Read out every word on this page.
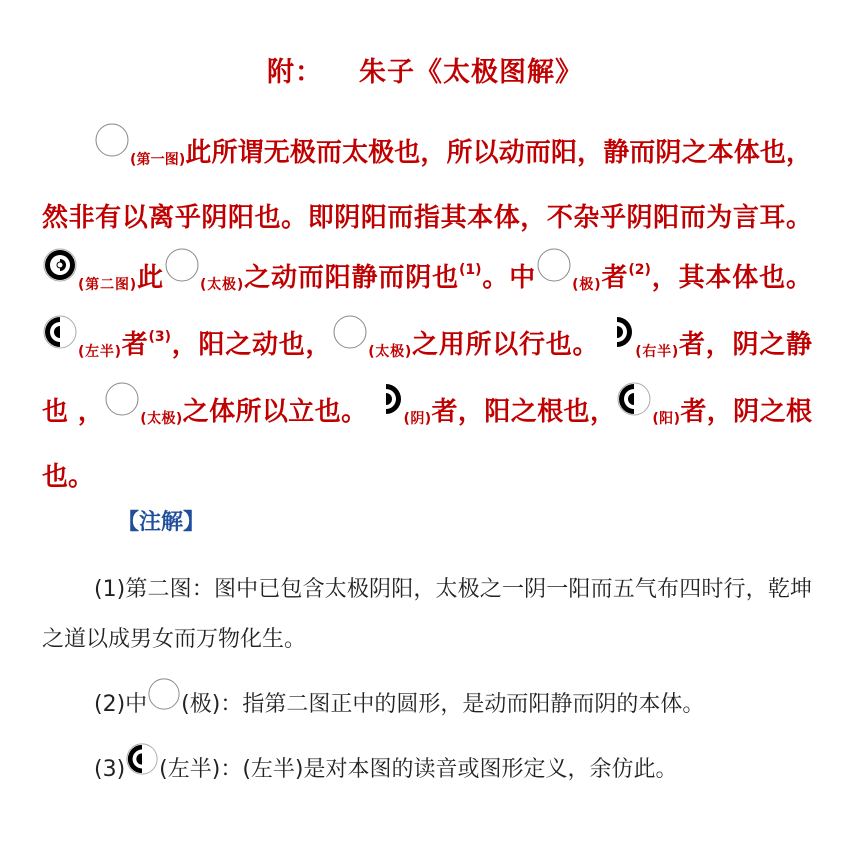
附： 朱子《太极图解》
(第一图)此所谓无极而太极也，所以动而阳，静而阴之本体也，然非有以离乎阴阳也。即阴阳而指其本体，不杂乎阴阳而为言耳。
(第二图)此	(太极)之动而阳静而阴也$^{(1)}$。中	(极)者$^{(2)}$，其本体也。
(左半)者$^{(3)}$，阳之动也，	(太极)之用所以行也。	(右半)者，阴之静也 ，	(太极)之体所以立也。	(阴)者，阳之根也，	(阳)者，阴之根也。
【注解】

(1)第二图：图中已包含太极阴阳，太极之一阴一阳而五气布四时行，乾坤之道以成男女而万物化生。

(2)中 (极)：指第二图正中的圆形，是动而阳静而阴的本体。

(3) (左半)：(左半)是对本图的读音或图形定义，余仿此。
